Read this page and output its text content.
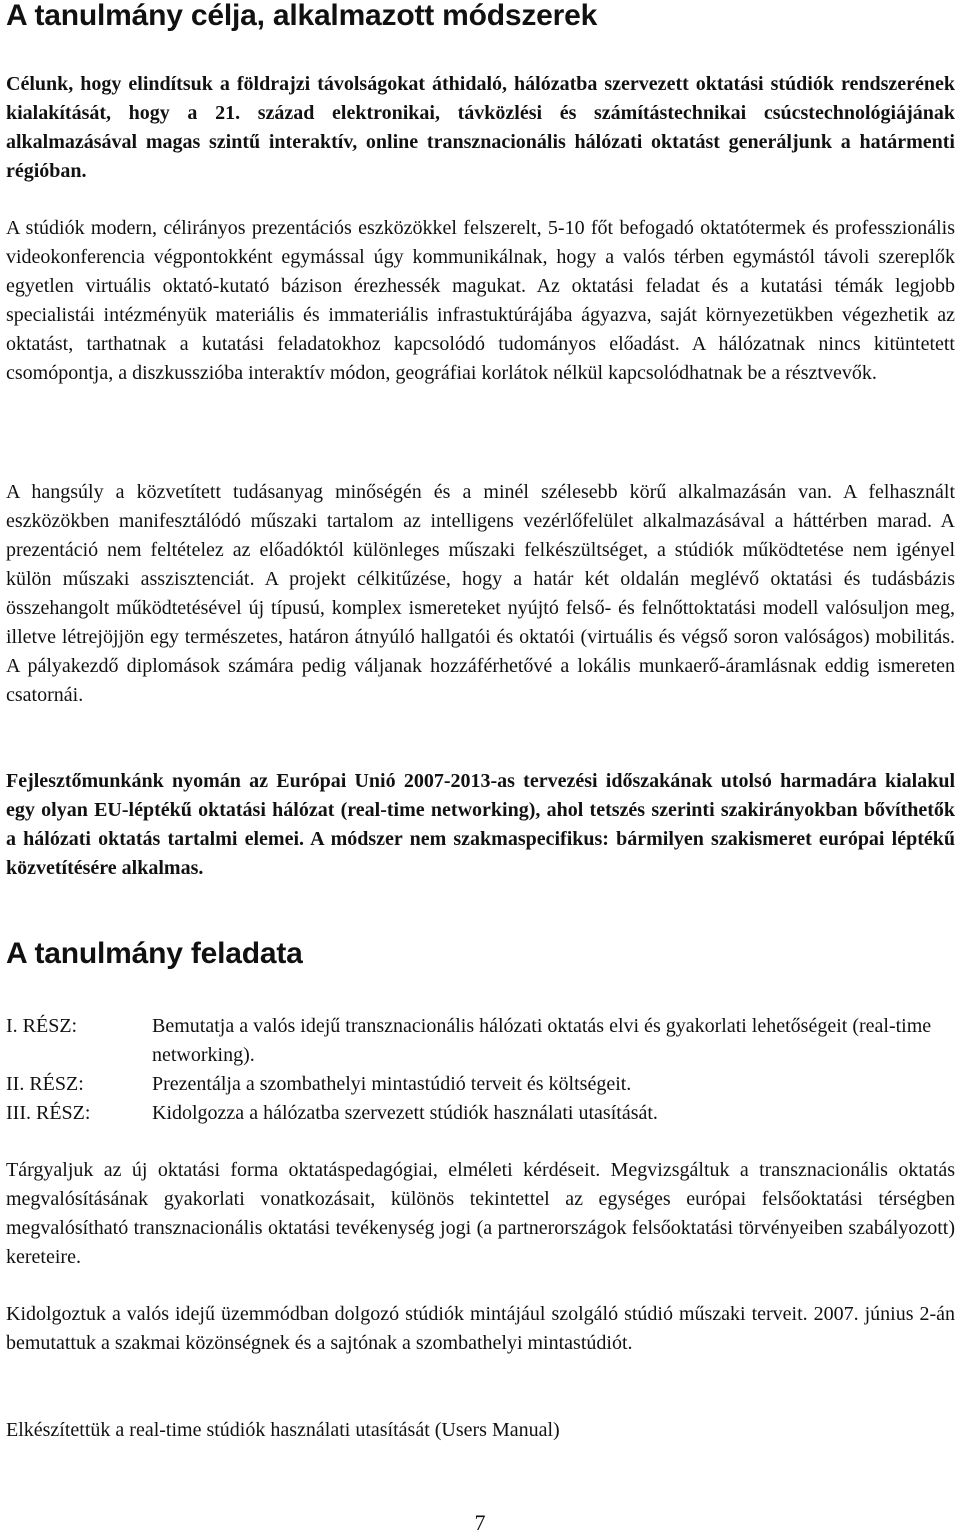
A tanulmány célja, alkalmazott módszerek

Célunk, hogy elindítsuk a földrajzi távolságokat áthidaló, hálózatba szervezett oktatási stúdiók rendszerének kialakítását, hogy a 21. század elektronikai, távközlési és számítástechnikai csúcstechnológiájának alkalmazásával magas szintű interaktív, online transznacionális hálózati oktatást generáljunk a határmenti régióban.

A stúdiók modern, célirányos prezentációs eszközökkel felszerelt, 5-10 főt befogadó oktatótermek és professzionális videokonferencia végpontokként egymással úgy kommunikálnak, hogy a valós térben egymástól távoli szereplők egyetlen virtuális oktató-kutató bázison érezhessék magukat. Az oktatási feladat és a kutatási témák legjobb specialistái intézményük materiális és immateriális infrastuktúrájába ágyazva, saját környezetükben végezhetik az oktatást, tarthatnak a kutatási feladatokhoz kapcsolódó tudományos előadást. A hálózatnak nincs kitüntetett csomópontja, a diszkusszióba interaktív módon, geográfiai korlátok nélkül kapcsolódhatnak be a résztvevők.

A hangsúly a közvetített tudásanyag minőségén és a minél szélesebb körű alkalmazásán van. A felhasznált eszközökben manifesztálódó műszaki tartalom az intelligens vezérlőfelület alkalmazásával a háttérben marad. A prezentáció nem feltételez az előadóktól különleges műszaki felkészültséget, a stúdiók működtetése nem igényel külön műszaki asszisztenciát. A projekt célkitűzése, hogy a határ két oldalán meglévő oktatási és tudásbázis összehangolt működtetésével új típusú, komplex ismereteket nyújtó felső- és felnőttoktatási modell valósuljon meg, illetve létrejöjjön egy természetes, határon átnyúló hallgatói és oktatói (virtuális és végső soron valóságos) mobilitás. A pályakezdő diplomások számára pedig váljanak hozzáférhetővé a lokális munkaerő-áramlásnak eddig ismereten csatornái.

Fejlesztőmunkánk nyomán az Európai Unió 2007-2013-as tervezési időszakának utolsó harmadára kialakul egy olyan EU-léptékű oktatási hálózat (real-time networking), ahol tetszés szerinti szakirányokban bővíthetők a hálózati oktatás tartalmi elemei. A módszer nem szakmaspecifikus: bármilyen szakismeret európai léptékű közvetítésére alkalmas.

A tanulmány feladata
I. RÉSZ:	Bemutatja a valós idejű transznacionális hálózati oktatás elvi és gyakorlati lehetőségeit (real-time networking).
II. RÉSZ:	Prezentálja a szombathelyi mintastúdió terveit és költségeit.
III. RÉSZ:	Kidolgozza a hálózatba szervezett stúdiók használati utasítását.

Tárgyaljuk az új oktatási forma oktatáspedagógiai, elméleti kérdéseit. Megvizsgáltuk a transznacionális oktatás megvalósításának gyakorlati vonatkozásait, különös tekintettel az egységes európai felsőoktatási térségben megvalósítható transznacionális oktatási tevékenység jogi (a partnerországok felsőoktatási törvényeiben szabályozott) kereteire.

Kidolgoztuk a valós idejű üzemmódban dolgozó stúdiók mintájául szolgáló stúdió műszaki terveit. 2007. június 2-án bemutattuk a szakmai közönségnek és a sajtónak a szombathelyi mintastúdiót.

Elkészítettük a real-time stúdiók használati utasítását (Users Manual)

7
